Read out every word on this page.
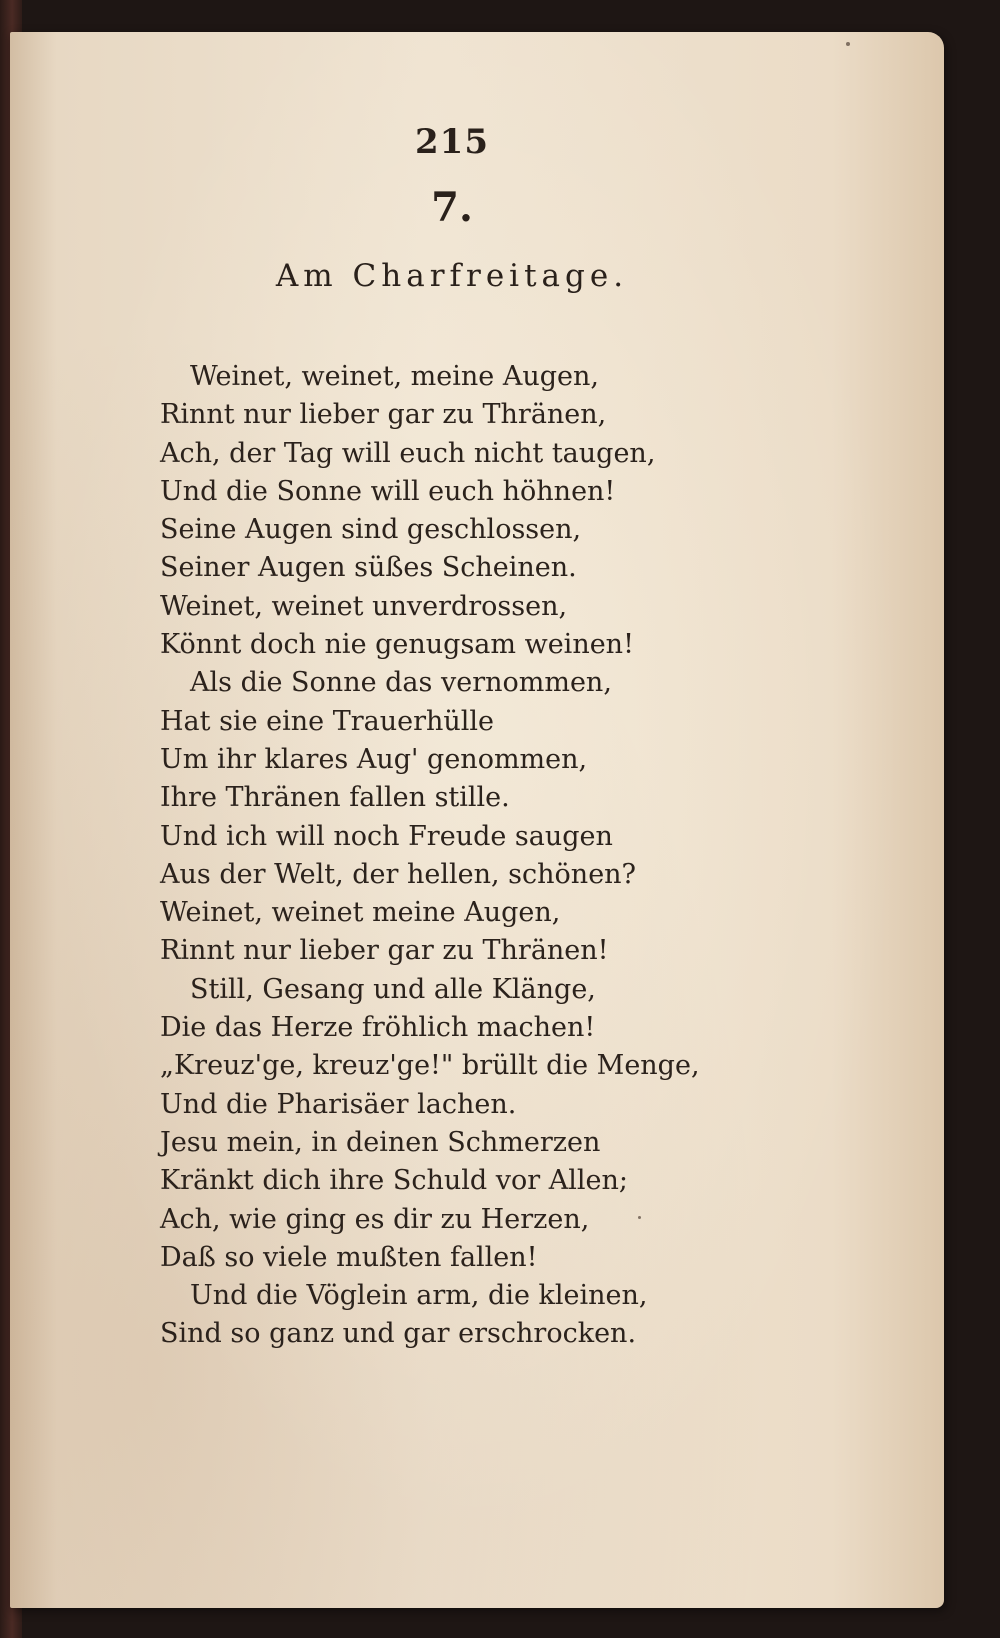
215
7.
Am Charfreitage.
Weinet, weinet, meine Augen,
Rinnt nur lieber gar zu Thränen,
Ach, der Tag will euch nicht taugen,
Und die Sonne will euch höhnen!
Seine Augen sind geschlossen,
Seiner Augen süßes Scheinen.
Weinet, weinet unverdrossen,
Könnt doch nie genugsam weinen!
Als die Sonne das vernommen,
Hat sie eine Trauerhülle
Um ihr klares Aug' genommen,
Ihre Thränen fallen stille.
Und ich will noch Freude saugen
Aus der Welt, der hellen, schönen?
Weinet, weinet meine Augen,
Rinnt nur lieber gar zu Thränen!
Still, Gesang und alle Klänge,
Die das Herze fröhlich machen!
„Kreuz'ge, kreuz'ge!" brüllt die Menge,
Und die Pharisäer lachen.
Jesu mein, in deinen Schmerzen
Kränkt dich ihre Schuld vor Allen;
Ach, wie ging es dir zu Herzen,
Daß so viele mußten fallen!
Und die Vöglein arm, die kleinen,
Sind so ganz und gar erschrocken.
